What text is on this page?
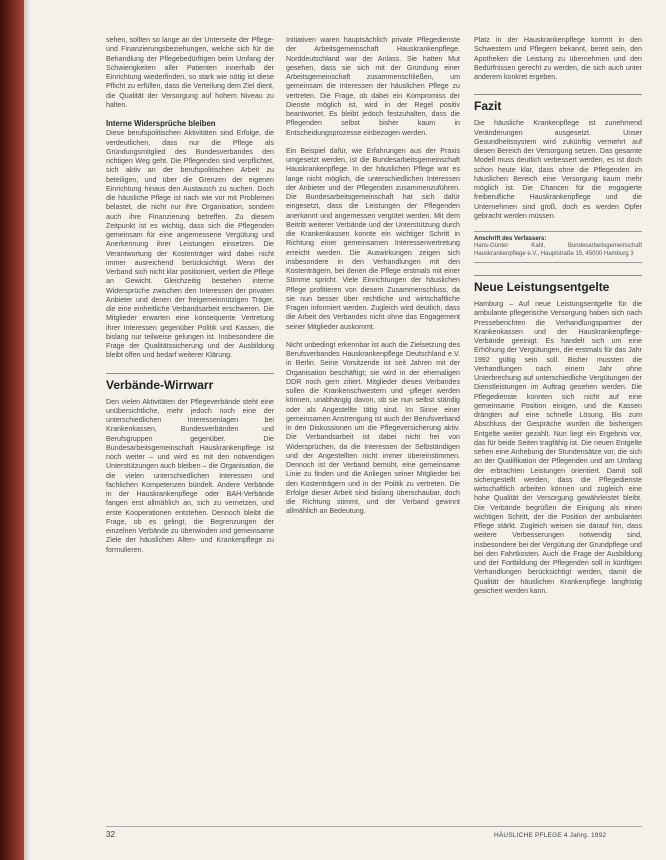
sehen, sollten so lange an der Unterseite der Pflege- und Finanzierungsbeziehungen, welche sich für die Behandlung der Pflegebedürftigen beim Umfang der Schwierigkeiten aller Patienten innerhalb der Einrichtung wiederfinden, so stark wie nötig ist diese Pflicht zu erfüllen, dass die Verteilung dem Ziel dient, die Qualität der Versorgung auf hohem Niveau zu halten.

Interne Widersprüche bleiben

Diese berufspolitischen Aktivitäten sind Erfolge, die verdeutlichen, dass nur die Pflege als Gründungsmitglied des Bundesverbandes den richtigen Weg geht. Die Pflegenden sind verpflichtet, sich aktiv an der berufspolitischen Arbeit zu beteiligen, und über die Grenzen der eigenen Einrichtung hinaus den Austausch zu suchen. Doch die häusliche Pflege ist nach wie vor mit Problemen belastet, die nicht nur ihre Organisation, sondern auch ihre Finanzierung betreffen. Zu diesem Zeitpunkt ist es wichtig, dass sich die Pflegenden gemeinsam für eine angemessene Vergütung und Anerkennung ihrer Leistungen einsetzen. Die Verantwortung der Kostenträger wird dabei nicht immer ausreichend berücksichtigt. Wenn der Verband sich nicht klar positioniert, verliert die Pflege an Gewicht. Gleichzeitig bestehen interne Widersprüche zwischen den Interessen der privaten Anbieter und denen der freigemeinnützigen Träger, die eine einheitliche Verbandsarbeit erschweren. Die Mitglieder erwarten eine konsequente Vertretung ihrer Interessen gegenüber Politik und Kassen, die bislang nur teilweise gelungen ist. Insbesondere die Frage der Qualitätssicherung und der Ausbildung bleibt offen und bedarf weiterer Klärung.

Verbände-Wirrwarr

Den vielen Aktivitäten der Pflegeverbände steht eine unübersichtliche, mehr jedoch noch eine der unterschiedlichen Interessenlagen bei Krankenkassen, Bundesverbänden und Berufsgruppen gegenüber. Die Bundesarbeitsgemeinschaft Hauskrankenpflege ist noch weiter – und wird es mit den notwendigen Unterstützungen auch bleiben – die Organisation, die die vielen unterschiedlichen Interessen und fachlichen Kompetenzen bündelt. Andere Verbände in der Hauskrankenpflege oder BAH-Verbände fangen erst allmählich an, sich zu vernetzen, und erste Kooperationen entstehen. Dennoch bleibt die Frage, ob es gelingt, die Begrenzungen der einzelnen Verbände zu überwinden und gemeinsame Ziele der häuslichen Alten- und Krankenpflege zu formulieren.

Initiativen waren hauptsächlich private Pflegedienste der Arbeitsgemeinschaft Hauskrankenpflege. Norddeutschland war der Anlass. Sie hatten Mut gesehen, dass sie sich mit der Gründung einer Arbeitsgemeinschaft zusammenschließen, um gemeinsam die Interessen der häuslichen Pflege zu vertreten. Die Frage, ob dabei ein Kompromiss der Dienste möglich ist, wird in der Regel positiv beantwortet. Es bleibt jedoch festzuhalten, dass die Pflegenden selbst bisher kaum in Entscheidungsprozesse einbezogen werden.

Ein Beispiel dafür, wie Erfahrungen aus der Praxis umgesetzt werden, ist die Bundesarbeitsgemeinschaft Hauskrankenpflege. In der häuslichen Pflege war es lange nicht möglich, die unterschiedlichen Interessen der Anbieter und der Pflegenden zusammenzuführen. Die Bundesarbeitsgemeinschaft hat sich dafür eingesetzt, dass die Leistungen der Pflegenden anerkannt und angemessen vergütet werden. Mit dem Beitritt weiterer Verbände und der Unterstützung durch die Krankenkassen konnte ein wichtiger Schritt in Richtung einer gemeinsamen Interessenvertretung erreicht werden. Die Auswirkungen zeigen sich insbesondere in den Verhandlungen mit den Kostenträgern, bei denen die Pflege erstmals mit einer Stimme spricht. Viele Einrichtungen der häuslichen Pflege profitieren von diesem Zusammenschluss, da sie nun besser über rechtliche und wirtschaftliche Fragen informiert werden. Zugleich wird deutlich, dass die Arbeit des Verbandes nicht ohne das Engagement seiner Mitglieder auskommt.

Nicht unbedingt erkennbar ist auch die Zielsetzung des Berufsverbandes Hauskrankenpflege Deutschland e.V. in Berlin. Seine Vorsitzende ist seit Jahren mit der Organisation beschäftigt; sie wird in der ehemaligen DDR noch gern zitiert. Mitglieder dieses Verbandes sollen die Krankenschwestern und -pfleger werden können, unabhängig davon, ob sie nun selbst ständig oder als Angestellte tätig sind. Im Sinne einer gemeinsamen Anstrengung ist auch der Berufsverband in den Diskussionen um die Pflegeversicherung aktiv. Die Verbandsarbeit ist dabei nicht frei von Widersprüchen, da die Interessen der Selbständigen und der Angestellten nicht immer übereinstimmen. Dennoch ist der Verband bemüht, eine gemeinsame Linie zu finden und die Anliegen seiner Mitglieder bei den Kostenträgern und in der Politik zu vertreten. Die Erfolge dieser Arbeit sind bislang überschaubar, doch die Richtung stimmt, und der Verband gewinnt allmählich an Bedeutung.

Platz in der Hauskrankenpflege kommt in den Schwestern und Pflegern bekannt, bereit sein, den Apotheken die Leistung zu übernehmen und den Bedürfnissen gerecht zu werden, die sich auch unter anderem konkret ergeben.

Fazit

Die häusliche Krankenpflege ist zunehmend Veränderungen ausgesetzt. Unser Gesundheitssystem wird zukünftig vermehrt auf diesen Bereich der Versorgung setzen. Das gesamte Modell muss deutlich verbessert werden, es ist doch schon heute klar, dass ohne die Pflegenden im häuslichen Bereich eine Versorgung kaum mehr möglich ist. Die Chancen für die engagierte freiberufliche Hauskrankenpflege und die Unternehmen sind groß, doch es werden Opfer gebracht werden müssen.

Anschrift des Verfassers:
Hans-Günter Kahl, Bundesarbeitsgemeinschaft Hauskrankenpflege e.V., Hauptstraße 15, 45000 Hamburg 3
Neue Leistungsentgelte

Hamburg – Auf neue Leistungsentgelte für die ambulante pflegerische Versorgung haben sich nach Presseberichten die Verhandlungspartner der Krankenkassen und der Hauskrankenpflege-Verbände geeinigt. Es handelt sich um eine Erhöhung der Vergütungen, die erstmals für das Jahr 1992 gültig sein soll. Bisher mussten die Verhandlungen nach einem Jahr ohne Unterbrechung auf unterschiedliche Vergütungen der Dienstleistungen im Auftrag gesehen werden. Die Pflegedienste konnten sich nicht auf eine gemeinsame Position einigen, und die Kassen drängten auf eine schnelle Lösung. Bis zum Abschluss der Gespräche wurden die bisherigen Entgelte weiter gezahlt. Nun liegt ein Ergebnis vor, das für beide Seiten tragfähig ist. Die neuen Entgelte sehen eine Anhebung der Stundensätze vor, die sich an der Qualifikation der Pflegenden und am Umfang der erbrachten Leistungen orientiert. Damit soll sichergestellt werden, dass die Pflegedienste wirtschaftlich arbeiten können und zugleich eine hohe Qualität der Versorgung gewährleistet bleibt. Die Verbände begrüßen die Einigung als einen wichtigen Schritt, der die Position der ambulanten Pflege stärkt. Zugleich weisen sie darauf hin, dass weitere Verbesserungen notwendig sind, insbesondere bei der Vergütung der Grundpflege und bei den Fahrtkosten. Auch die Frage der Ausbildung und der Fortbildung der Pflegenden soll in künftigen Verhandlungen berücksichtigt werden, damit die Qualität der häuslichen Krankenpflege langfristig gesichert werden kann.

32	HÄUSLICHE PFLEGE 4 Jahrg. 1992
